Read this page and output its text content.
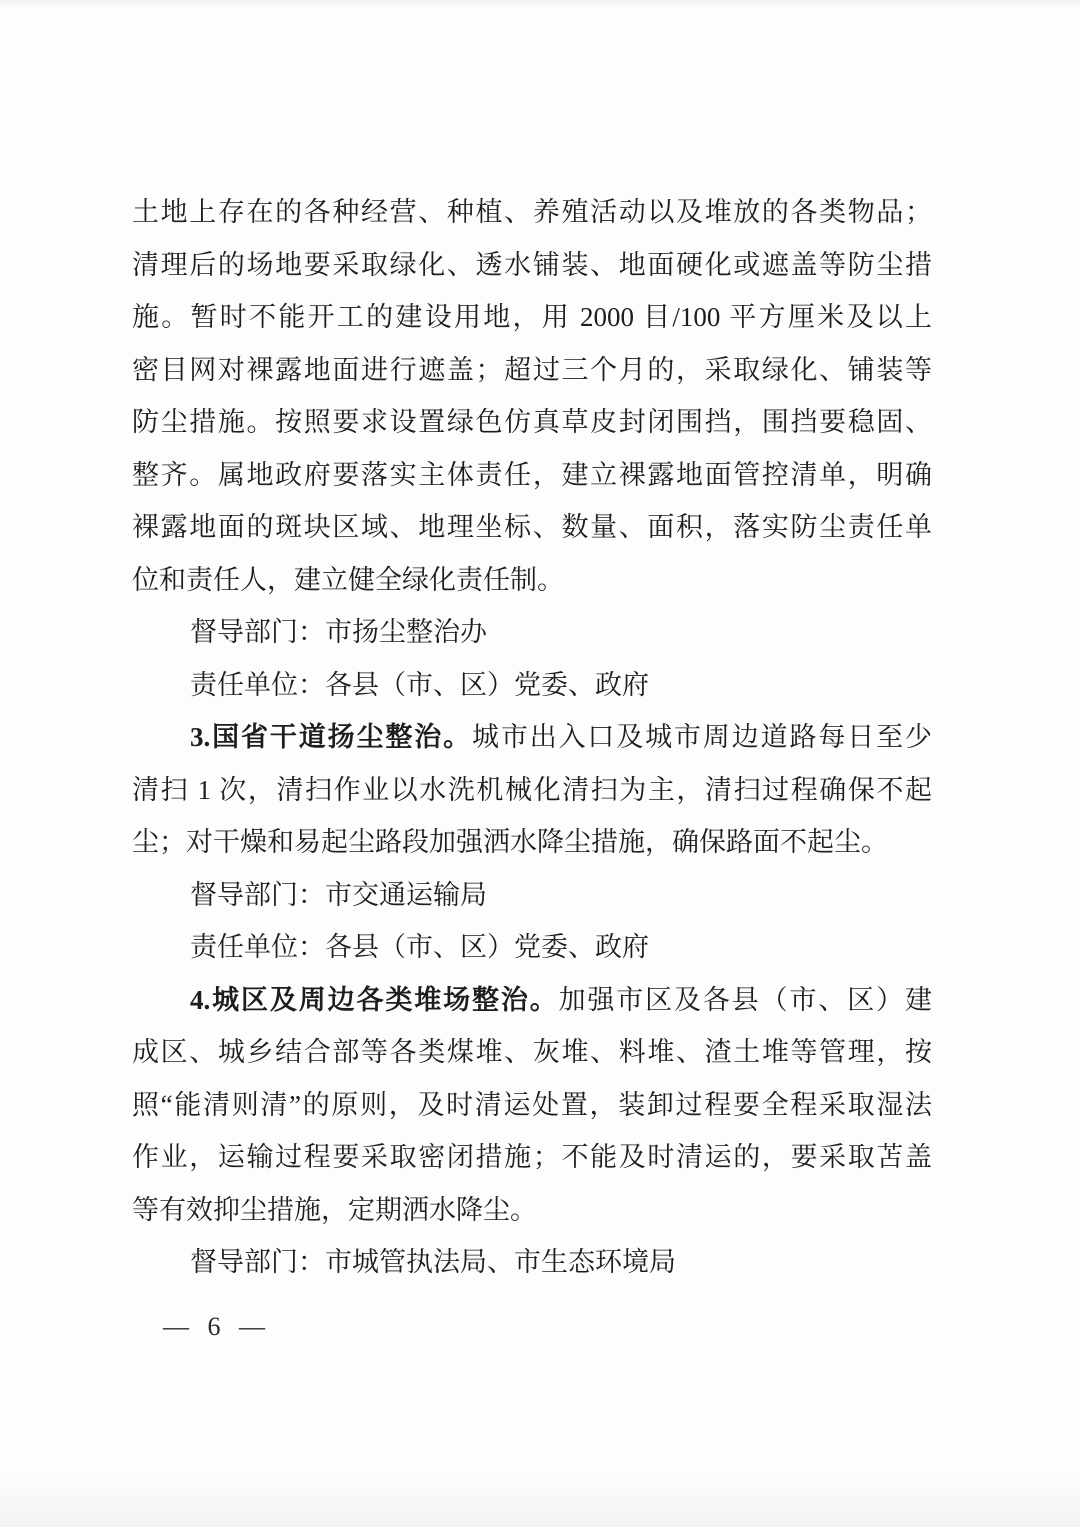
土地上存在的各种经营、种植、养殖活动以及堆放的各类物品；
清理后的场地要采取绿化、透水铺装、地面硬化或遮盖等防尘措
施。暂时不能开工的建设用地，用 2000 目/100 平方厘米及以上
密目网对裸露地面进行遮盖；超过三个月的，采取绿化、铺装等
防尘措施。按照要求设置绿色仿真草皮封闭围挡，围挡要稳固、
整齐。属地政府要落实主体责任，建立裸露地面管控清单，明确
裸露地面的斑块区域、地理坐标、数量、面积，落实防尘责任单
位和责任人，建立健全绿化责任制。
督导部门：市扬尘整治办
责任单位：各县（市、区）党委、政府
3.国省干道扬尘整治。城市出入口及城市周边道路每日至少
清扫 1 次，清扫作业以水洗机械化清扫为主，清扫过程确保不起
尘；对干燥和易起尘路段加强洒水降尘措施，确保路面不起尘。
督导部门：市交通运输局
责任单位：各县（市、区）党委、政府
4.城区及周边各类堆场整治。加强市区及各县（市、区）建
成区、城乡结合部等各类煤堆、灰堆、料堆、渣土堆等管理，按
照“能清则清”的原则，及时清运处置，装卸过程要全程采取湿法
作业，运输过程要采取密闭措施；不能及时清运的，要采取苫盖
等有效抑尘措施，定期洒水降尘。
督导部门：市城管执法局、市生态环境局
— 6 —
